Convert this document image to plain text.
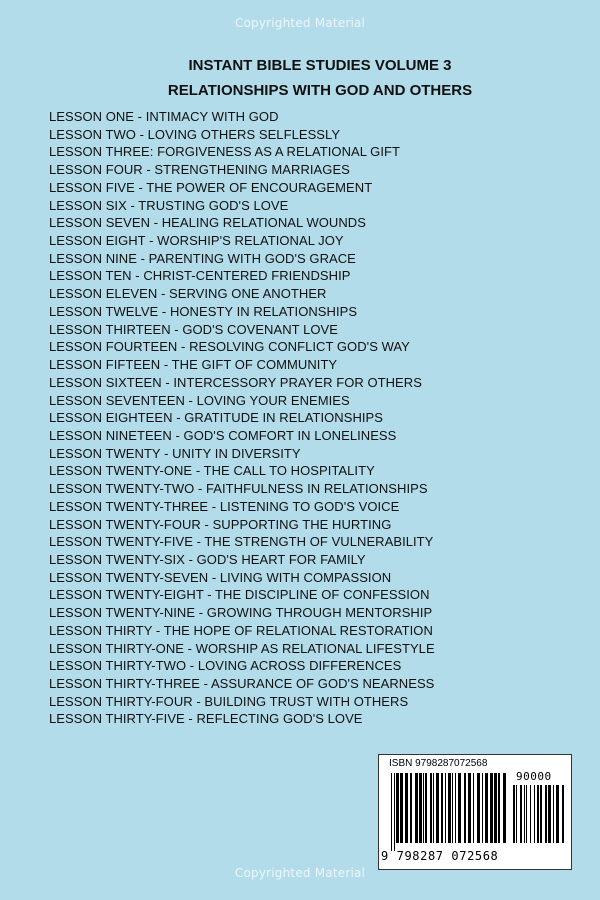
Copyrighted Material
INSTANT BIBLE STUDIES VOLUME 3
RELATIONSHIPS WITH GOD AND OTHERS
LESSON ONE - INTIMACY WITH GOD
LESSON TWO - LOVING OTHERS SELFLESSLY
LESSON THREE: FORGIVENESS AS A RELATIONAL GIFT
LESSON FOUR - STRENGTHENING MARRIAGES
LESSON FIVE - THE POWER OF ENCOURAGEMENT
LESSON SIX - TRUSTING GOD'S LOVE
LESSON SEVEN - HEALING RELATIONAL WOUNDS
LESSON EIGHT - WORSHIP'S RELATIONAL JOY
LESSON NINE - PARENTING WITH GOD'S GRACE
LESSON TEN - CHRIST-CENTERED FRIENDSHIP
LESSON ELEVEN - SERVING ONE ANOTHER
LESSON TWELVE - HONESTY IN RELATIONSHIPS
LESSON THIRTEEN - GOD'S COVENANT LOVE
LESSON FOURTEEN - RESOLVING CONFLICT GOD'S WAY
LESSON FIFTEEN - THE GIFT OF COMMUNITY
LESSON SIXTEEN - INTERCESSORY PRAYER FOR OTHERS
LESSON SEVENTEEN - LOVING YOUR ENEMIES
LESSON EIGHTEEN - GRATITUDE IN RELATIONSHIPS
LESSON NINETEEN - GOD'S COMFORT IN LONELINESS
LESSON TWENTY - UNITY IN DIVERSITY
LESSON TWENTY-ONE - THE CALL TO HOSPITALITY
LESSON TWENTY-TWO - FAITHFULNESS IN RELATIONSHIPS
LESSON TWENTY-THREE - LISTENING TO GOD'S VOICE
LESSON TWENTY-FOUR - SUPPORTING THE HURTING
LESSON TWENTY-FIVE - THE STRENGTH OF VULNERABILITY
LESSON TWENTY-SIX - GOD'S HEART FOR FAMILY
LESSON TWENTY-SEVEN - LIVING WITH COMPASSION
LESSON TWENTY-EIGHT - THE DISCIPLINE OF CONFESSION
LESSON TWENTY-NINE - GROWING THROUGH MENTORSHIP
LESSON THIRTY - THE HOPE OF RELATIONAL RESTORATION
LESSON THIRTY-ONE - WORSHIP AS RELATIONAL LIFESTYLE
LESSON THIRTY-TWO - LOVING ACROSS DIFFERENCES
LESSON THIRTY-THREE - ASSURANCE OF GOD'S NEARNESS
LESSON THIRTY-FOUR - BUILDING TRUST WITH OTHERS
LESSON THIRTY-FIVE - REFLECTING GOD'S LOVE
ISBN 9798287072568
90000
9 798287 072568
Copyrighted Material
